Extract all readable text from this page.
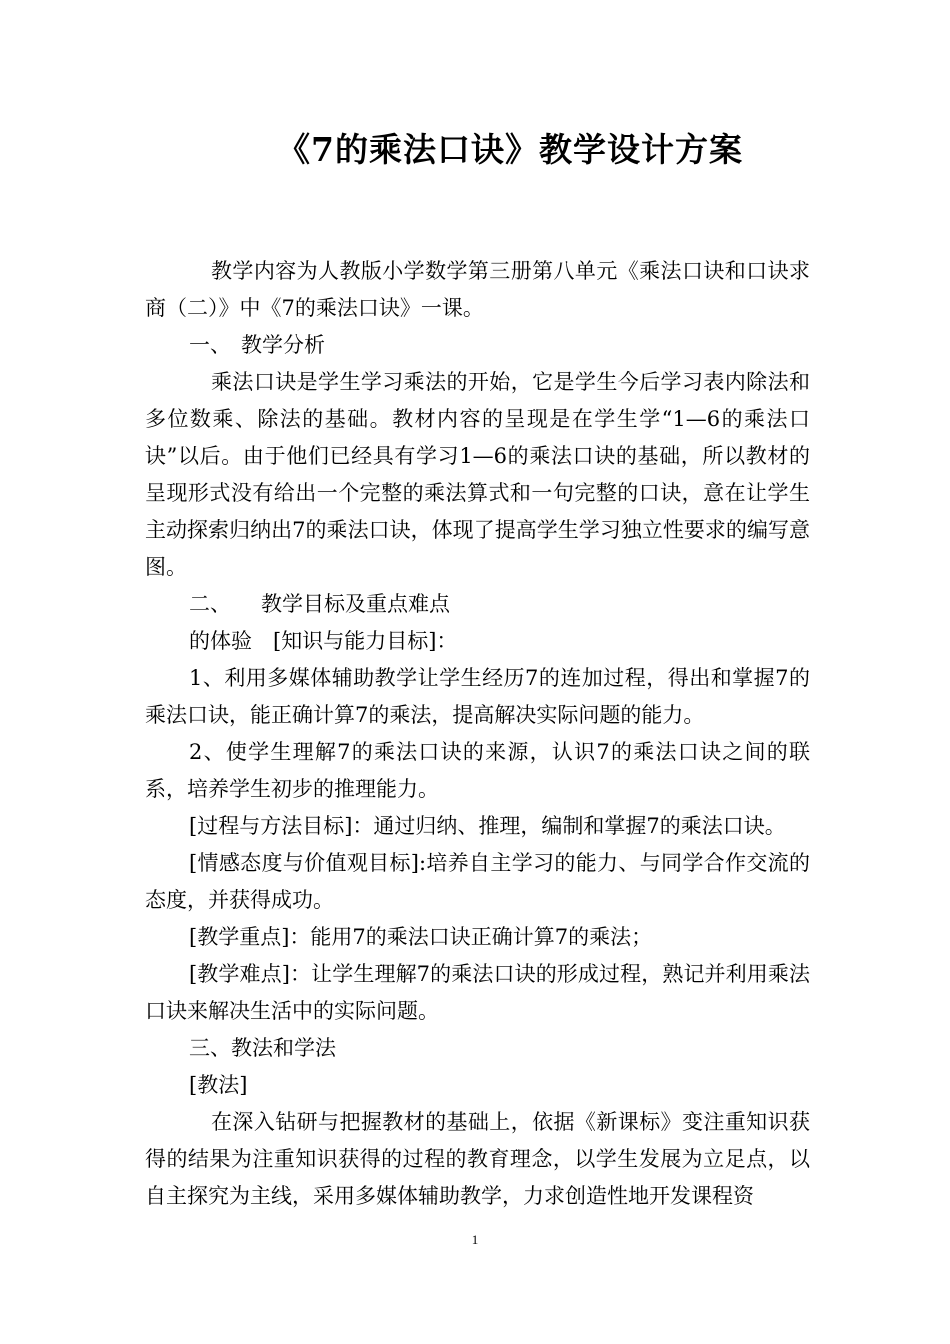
《7的乘法口诀》教学设计方案

教学内容为人教版小学数学第三册第八单元《乘法口诀和口诀求商（二）》中《7的乘法口诀》一课。

一、 教学分析

乘法口诀是学生学习乘法的开始，它是学生今后学习表内除法和多位数乘、除法的基础。教材内容的呈现是在学生学“1—6的乘法口诀”以后。由于他们已经具有学习1—6的乘法口诀的基础，所以教材的呈现形式没有给出一个完整的乘法算式和一句完整的口诀，意在让学生主动探索归纳出7的乘法口诀，体现了提高学生学习独立性要求的编写意图。

二、 教学目标及重点难点

的体验　[知识与能力目标]：

1、利用多媒体辅助教学让学生经历7的连加过程，得出和掌握7的乘法口诀，能正确计算7的乘法，提高解决实际问题的能力。

2、使学生理解7的乘法口诀的来源，认识7的乘法口诀之间的联系，培养学生初步的推理能力。

[过程与方法目标]：通过归纳、推理，编制和掌握7的乘法口诀。

[情感态度与价值观目标]:培养自主学习的能力、与同学合作交流的态度，并获得成功。

[教学重点]：能用7的乘法口诀正确计算7的乘法；

[教学难点]：让学生理解7的乘法口诀的形成过程，熟记并利用乘法口诀来解决生活中的实际问题。

三、教法和学法

[教法]

在深入钻研与把握教材的基础上，依据《新课标》变注重知识获得的结果为注重知识获得的过程的教育理念，以学生发展为立足点，以自主探究为主线，采用多媒体辅助教学，力求创造性地开发课程资

1
